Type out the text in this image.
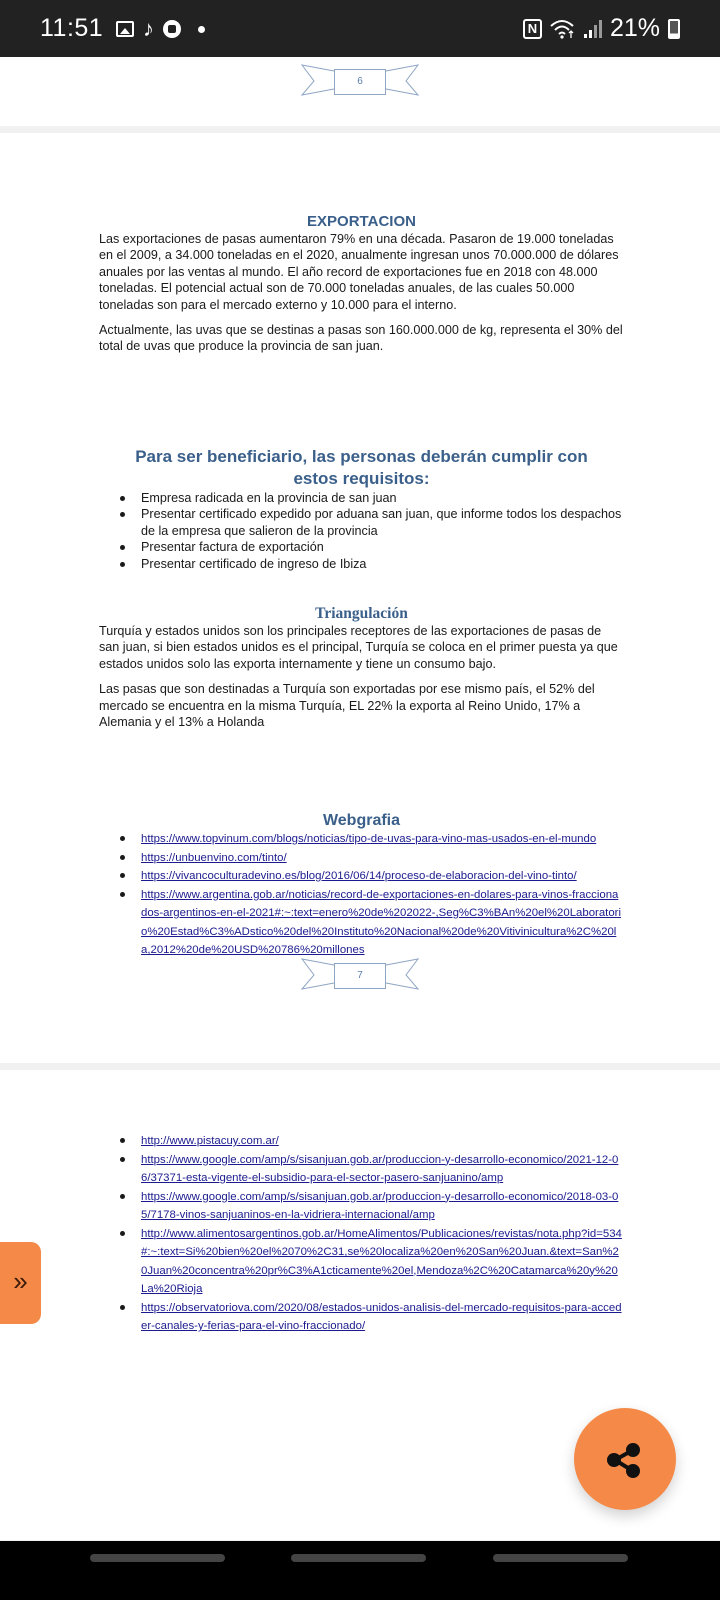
11:51 ♪	N	21%
6
EXPORTACION

Las exportaciones de pasas aumentaron 79% en una década. Pasaron de 19.000 toneladas en el 2009, a 34.000 toneladas en el 2020, anualmente ingresan unos 70.000.000 de dólares anuales por las ventas al mundo. El año record de exportaciones fue en 2018 con 48.000 toneladas. El potencial actual son de 70.000 toneladas anuales, de las cuales 50.000 toneladas son para el mercado externo y 10.000 para el interno.

Actualmente, las uvas que se destinas a pasas son 160.000.000 de kg, representa el 30% del total de uvas que produce la provincia de san juan.

Para ser beneficiario, las personas deberán cumplir con estos requisitos:
Empresa radicada en la provincia de san juan
Presentar certificado expedido por aduana san juan, que informe todos los despachos de la empresa que salieron de la provincia
Presentar factura de exportación
Presentar certificado de ingreso de Ibiza
Triangulación

Turquía y estados unidos son los principales receptores de las exportaciones de pasas de san juan, si bien estados unidos es el principal, Turquía se coloca en el primer puesta ya que estados unidos solo las exporta internamente y tiene un consumo bajo.

Las pasas que son destinadas a Turquía son exportadas por ese mismo país, el 52% del mercado se encuentra en la misma Turquía, EL 22% la exporta al Reino Unido, 17% a Alemania y el 13% a Holanda

Webgrafia
https://www.topvinum.com/blogs/noticias/tipo-de-uvas-para-vino-mas-usados-en-el-mundo
https://unbuenvino.com/tinto/
https://vivancoculturadevino.es/blog/2016/06/14/proceso-de-elaboracion-del-vino-tinto/
https://www.argentina.gob.ar/noticias/record-de-exportaciones-en-dolares-para-vinos-fraccionados-argentinos-en-el-2021#:~:text=enero%20de%202022-,Seg%C3%BAn%20el%20Laboratorio%20Estad%C3%ADstico%20del%20Instituto%20Nacional%20de%20Vitivinicultura%2C%20la,2012%20de%20USD%20786%20millones
7
http://www.pistacuy.com.ar/
https://www.google.com/amp/s/sisanjuan.gob.ar/produccion-y-desarrollo-economico/2021-12-06/37371-esta-vigente-el-subsidio-para-el-sector-pasero-sanjuanino/amp
https://www.google.com/amp/s/sisanjuan.gob.ar/produccion-y-desarrollo-economico/2018-03-05/7178-vinos-sanjuaninos-en-la-vidriera-internacional/amp
http://www.alimentosargentinos.gob.ar/HomeAlimentos/Publicaciones/revistas/nota.php?id=534#:~:text=Si%20bien%20el%2070%2C31,se%20localiza%20en%20San%20Juan.&text=San%20Juan%20concentra%20pr%C3%A1cticamente%20el,Mendoza%2C%20Catamarca%20y%20La%20Rioja
https://observatoriova.com/2020/08/estados-unidos-analisis-del-mercado-requisitos-para-acceder-canales-y-ferias-para-el-vino-fraccionado/
»
